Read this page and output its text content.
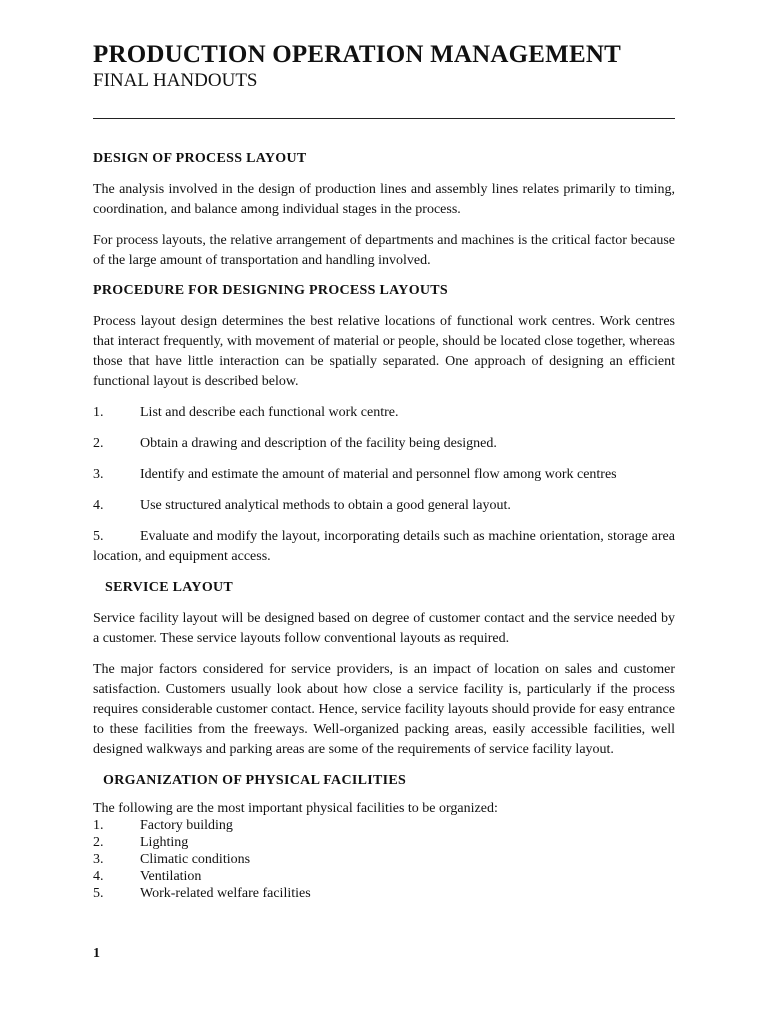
PRODUCTION OPERATION MANAGEMENT
FINAL HANDOUTS
DESIGN OF PROCESS LAYOUT

The analysis involved in the design of production lines and assembly lines relates primarily to timing, coordination, and balance among individual stages in the process.

For process layouts, the relative arrangement of departments and machines is the critical factor because of the large amount of transportation and handling involved.

PROCEDURE FOR DESIGNING PROCESS LAYOUTS

Process layout design determines the best relative locations of functional work centres. Work centres that interact frequently, with movement of material or people, should be located close together, whereas those that have little interaction can be spatially separated. One approach of designing an efficient functional layout is described below.

1.	List and describe each functional work centre.
2.	Obtain a drawing and description of the facility being designed.
3.	Identify and estimate the amount of material and personnel flow among work centres
4.	Use structured analytical methods to obtain a good general layout.
5.	Evaluate and modify the layout, incorporating details such as machine orientation, storage area location, and equipment access.
SERVICE LAYOUT

Service facility layout will be designed based on degree of customer contact and the service needed by a customer. These service layouts follow conventional layouts as required.

The major factors considered for service providers, is an impact of location on sales and customer satisfaction. Customers usually look about how close a service facility is, particularly if the process requires considerable customer contact. Hence, service facility layouts should provide for easy entrance to these facilities from the freeways. Well-organized packing areas, easily accessible facilities, well designed walkways and parking areas are some of the requirements of service facility layout.

ORGANIZATION OF PHYSICAL FACILITIES
The following are the most important physical facilities to be organized:
1.	Factory building
2.	Lighting
3.	Climatic conditions
4.	Ventilation
5.	Work-related welfare facilities
1
